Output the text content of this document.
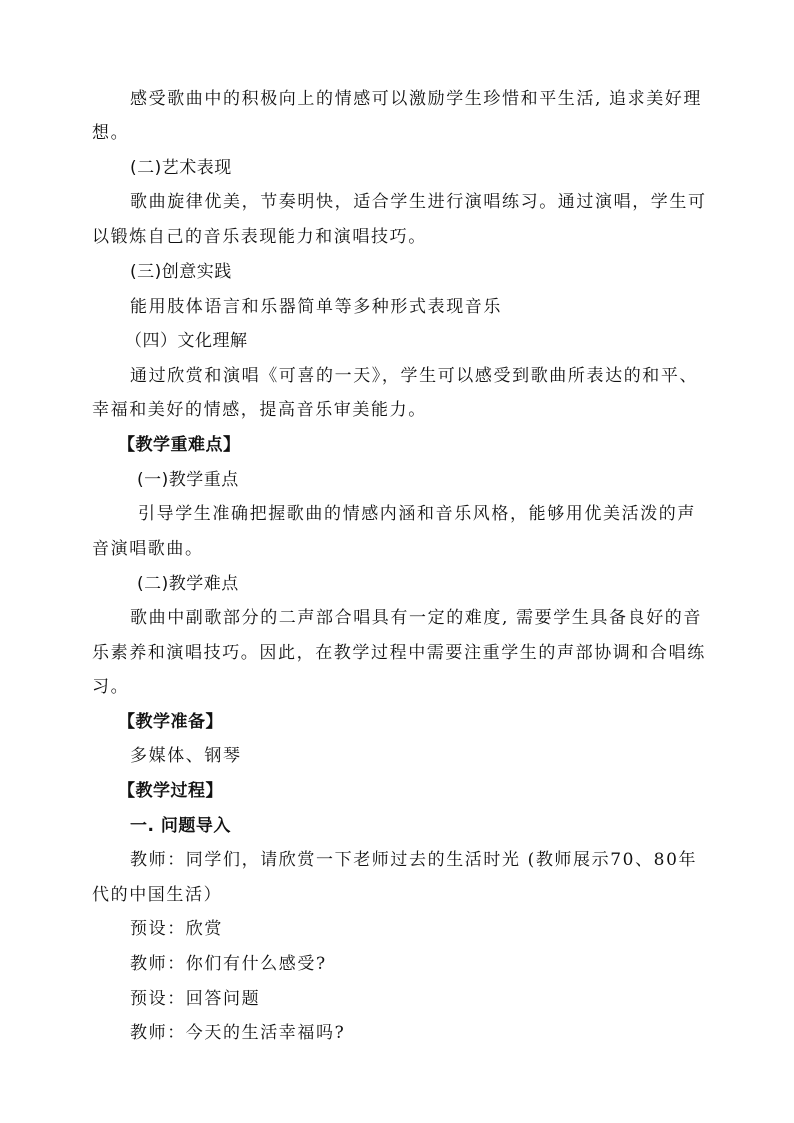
感受歌曲中的积极向上的情感可以激励学生珍惜和平生活, 追求美好理
想。
(二)艺术表现
歌曲旋律优美，节奏明快，适合学生进行演唱练习。通过演唱，学生可
以锻炼自己的音乐表现能力和演唱技巧。
(三)创意实践
能用肢体语言和乐器简单等多种形式表现音乐
（四）文化理解
通过欣赏和演唱《可喜的一天》，学生可以感受到歌曲所表达的和平、
幸福和美好的情感，提高音乐审美能力。
【教学重难点】
(一)教学重点
引导学生准确把握歌曲的情感内涵和音乐风格，能够用优美活泼的声
音演唱歌曲。
(二)教学难点
歌曲中副歌部分的二声部合唱具有一定的难度, 需要学生具备良好的音
乐素养和演唱技巧。因此，在教学过程中需要注重学生的声部协调和合唱练
习。
【教学准备】
多媒体、钢琴
【教学过程】
一. 问题导入
教师：同学们，请欣赏一下老师过去的生活时光 (教师展示70、80年
代的中国生活）
预设：欣赏
教师：你们有什么感受?
预设：回答问题
教师：今天的生活幸福吗?
